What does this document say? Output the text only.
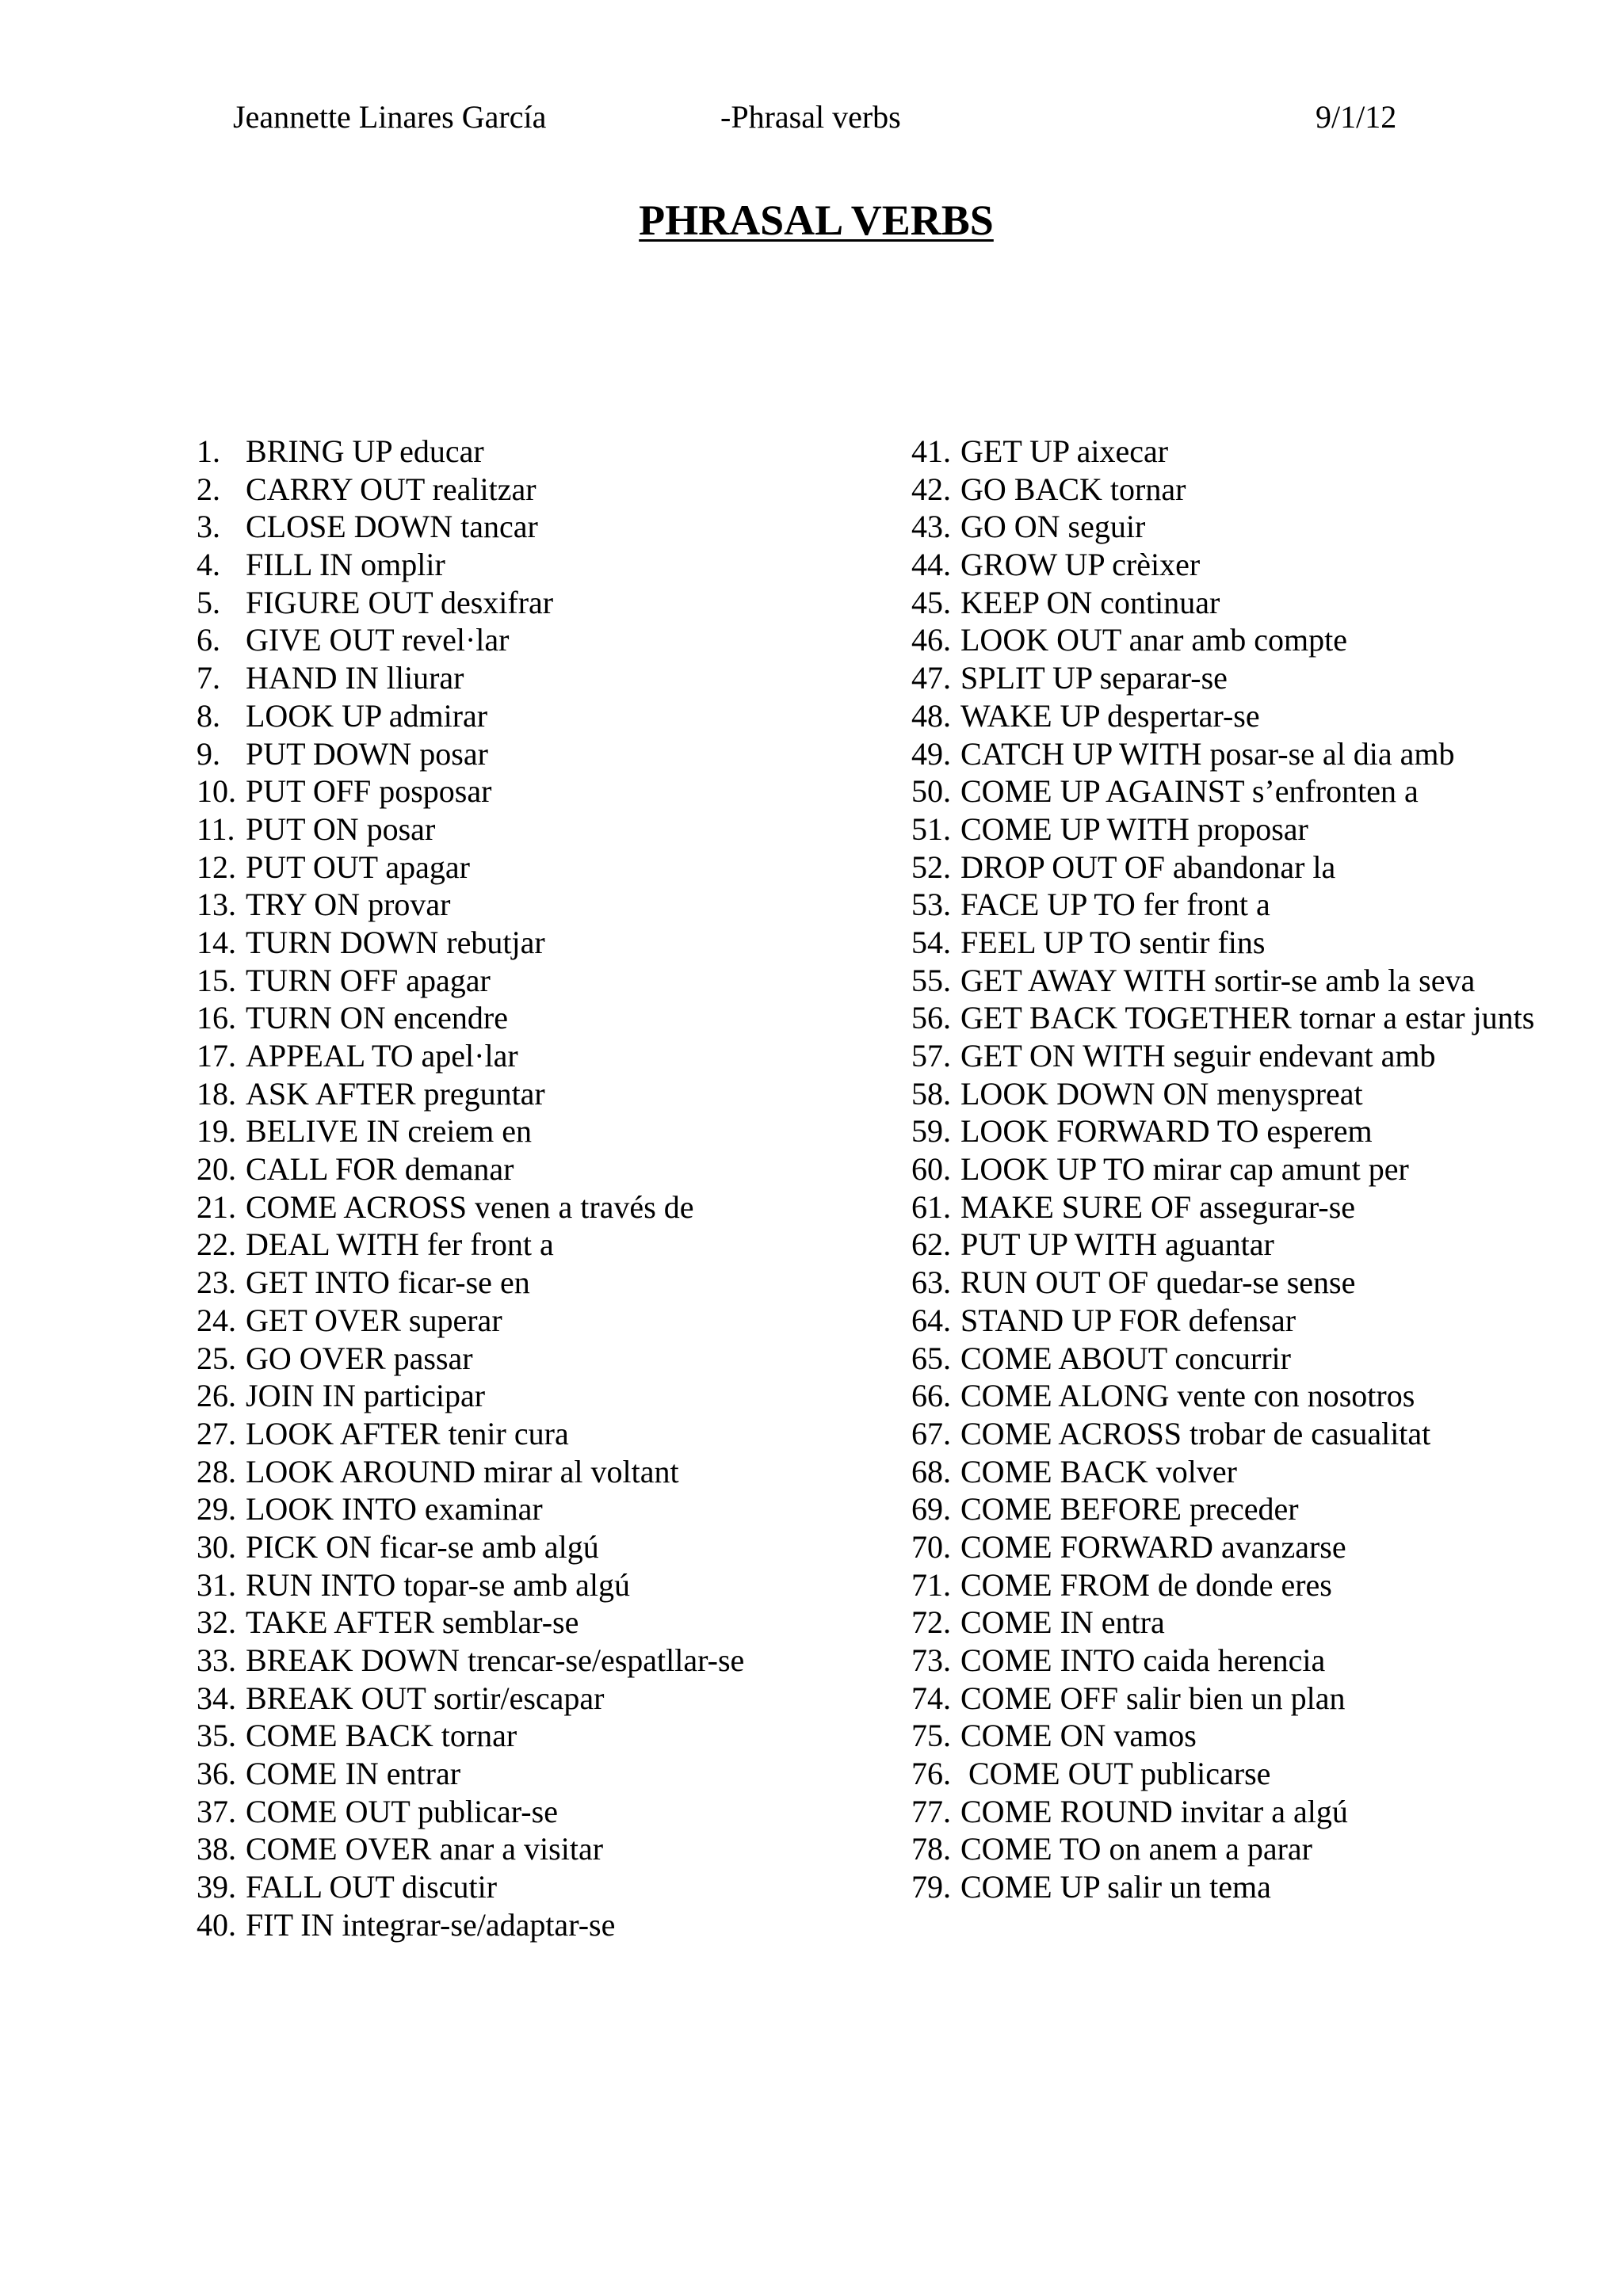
Jeannette Linares García	-Phrasal verbs	9/1/12
PHRASAL VERBS
1. BRING UP educar
2. CARRY OUT realitzar
3. CLOSE DOWN tancar
4. FILL IN omplir
5. FIGURE OUT desxifrar
6. GIVE OUT revel·lar
7. HAND IN lliurar
8. LOOK UP admirar
9. PUT DOWN posar
10. PUT OFF posposar
11. PUT ON posar
12. PUT OUT apagar
13. TRY ON provar
14. TURN DOWN rebutjar
15. TURN OFF apagar
16. TURN ON encendre
17. APPEAL TO apel·lar
18. ASK AFTER preguntar
19. BELIVE IN creiem en
20. CALL FOR demanar
21. COME ACROSS venen a través de
22. DEAL WITH fer front a
23. GET INTO ficar-se en
24. GET OVER superar
25. GO OVER passar
26. JOIN IN participar
27. LOOK AFTER tenir cura
28. LOOK AROUND mirar al voltant
29. LOOK INTO examinar
30. PICK ON ficar-se amb algú
31. RUN INTO topar-se amb algú
32. TAKE AFTER semblar-se
33. BREAK DOWN trencar-se/espatllar-se
34. BREAK OUT sortir/escapar
35. COME BACK tornar
36. COME IN entrar
37. COME OUT publicar-se
38. COME OVER anar a visitar
39. FALL OUT discutir
40. FIT IN integrar-se/adaptar-se
41. GET UP aixecar
42. GO BACK tornar
43. GO ON seguir
44. GROW UP crèixer
45. KEEP ON continuar
46. LOOK OUT anar amb compte
47. SPLIT UP separar-se
48. WAKE UP despertar-se
49. CATCH UP WITH posar-se al dia amb
50. COME UP AGAINST s’enfronten a
51. COME UP WITH proposar
52. DROP OUT OF abandonar la
53. FACE UP TO fer front a
54. FEEL UP TO sentir fins
55. GET AWAY WITH sortir-se amb la seva
56. GET BACK TOGETHER tornar a estar junts
57. GET ON WITH seguir endevant amb
58. LOOK DOWN ON menyspreat
59. LOOK FORWARD TO esperem
60. LOOK UP TO mirar cap amunt per
61. MAKE SURE OF assegurar-se
62. PUT UP WITH aguantar
63. RUN OUT OF quedar-se sense
64. STAND UP FOR defensar
65. COME ABOUT concurrir
66. COME ALONG vente con nosotros
67. COME ACROSS trobar de casualitat
68. COME BACK volver
69. COME BEFORE preceder
70. COME FORWARD avanzarse
71. COME FROM de donde eres
72. COME IN entra
73. COME INTO caida herencia
74. COME OFF salir bien un plan
75. COME ON vamos
76. COME OUT publicarse
77. COME ROUND invitar a algú
78. COME TO on anem a parar
79. COME UP salir un tema
